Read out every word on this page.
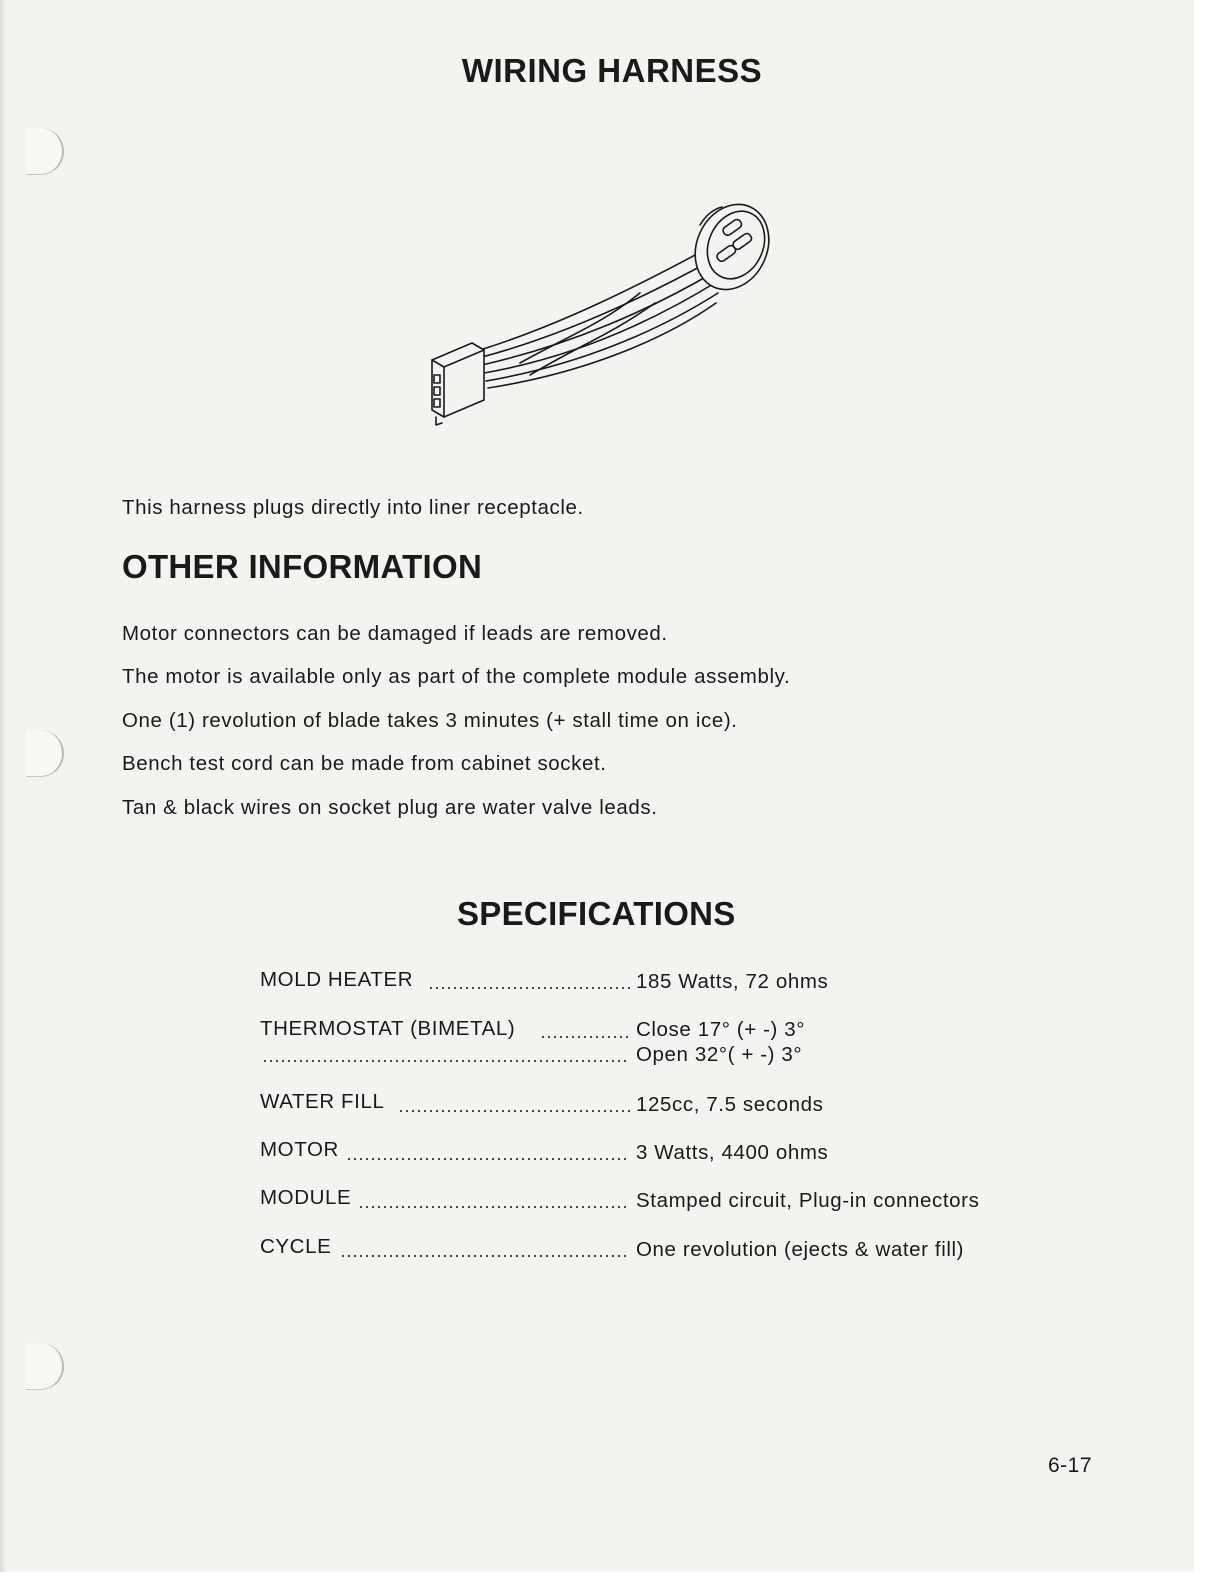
WIRING HARNESS
This harness plugs directly into liner receptacle.
OTHER INFORMATION
Motor connectors can be damaged if leads are removed.
The motor is available only as part of the complete module assembly.
One (1) revolution of blade takes 3 minutes (+ stall time on ice).
Bench test cord can be made from cabinet socket.
Tan & black wires on socket plug are water valve leads.
SPECIFICATIONS
MOLD HEATER	185 Watts, 72 ohms
THERMOSTAT (BIMETAL)	Close 17° (+ -) 3°
Open 32°( + -) 3°
WATER FILL	125cc, 7.5 seconds
MOTOR	3 Watts, 4400 ohms
MODULE	Stamped circuit, Plug-in connectors
CYCLE	One revolution (ejects & water fill)
6-17
